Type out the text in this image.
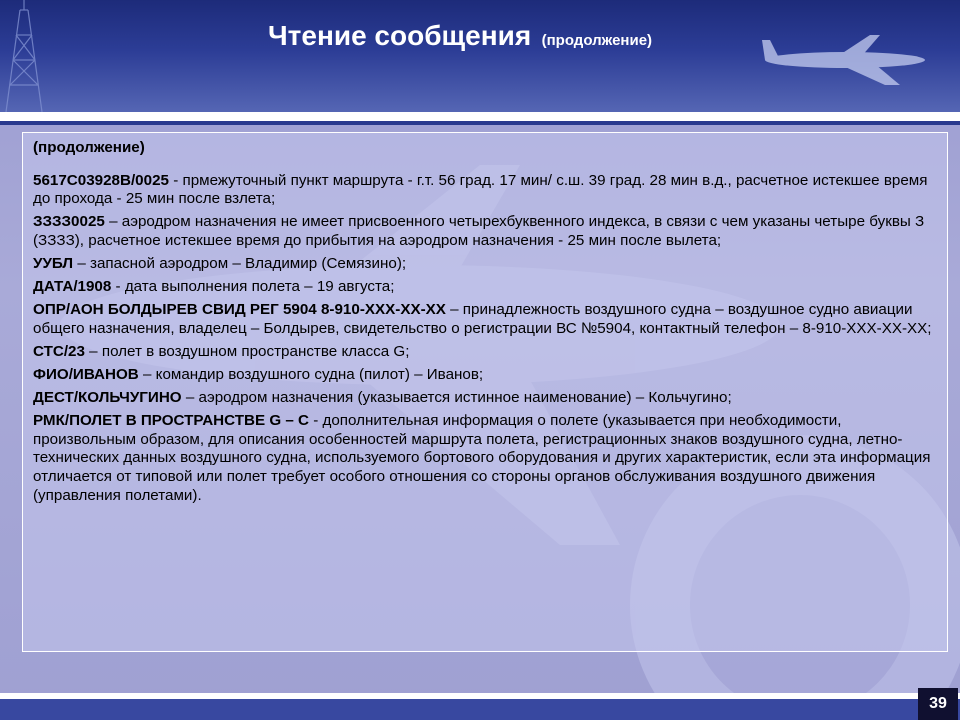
Чтение сообщения (продолжение)

(продолжение)

5617C03928B/0025 - прмежуточный пункт маршрута - г.т. 56 град. 17 мин/ с.ш. 39 град. 28 мин в.д., расчетное истекшее время до прохода - 25 мин после взлета;

ЗЗЗЗ0025 – аэродром назначения не имеет присвоенного четырехбуквенного индекса, в связи с чем указаны четыре буквы З (ЗЗЗЗ), расчетное истекшее время до прибытия на аэродром назначения - 25 мин после вылета;

УУБЛ – запасной аэродром – Владимир (Семязино);

ДАТА/1908 - дата выполнения полета – 19 августа;

ОПР/АОН БОЛДЫРЕВ СВИД РЕГ 5904 8-910-ХХХ-ХХ-ХХ – принадлежность воздушного судна – воздушное судно авиации общего назначения, владелец – Болдырев, свидетельство о регистрации ВС №5904, контактный телефон – 8-910-ХХХ-ХХ-ХХ;

СТС/23 – полет в воздушном пространстве класса G;

ФИО/ИВАНОВ – командир воздушного судна (пилот) – Иванов;

ДЕСТ/КОЛЬЧУГИНО – аэродром назначения (указывается истинное наименование) – Кольчугино;

РМК/ПОЛЕТ В ПРОСТРАНСТВЕ G – С - дополнительная информация о полете (указывается при необходимости, произвольным образом, для описания особенностей маршрута полета, регистрационных знаков воздушного судна, летно-технических данных воздушного судна, используемого бортового оборудования и других характеристик, если эта информация отличается от типовой или полет требует особого отношения со стороны органов обслуживания воздушного движения (управления полетами).

39
